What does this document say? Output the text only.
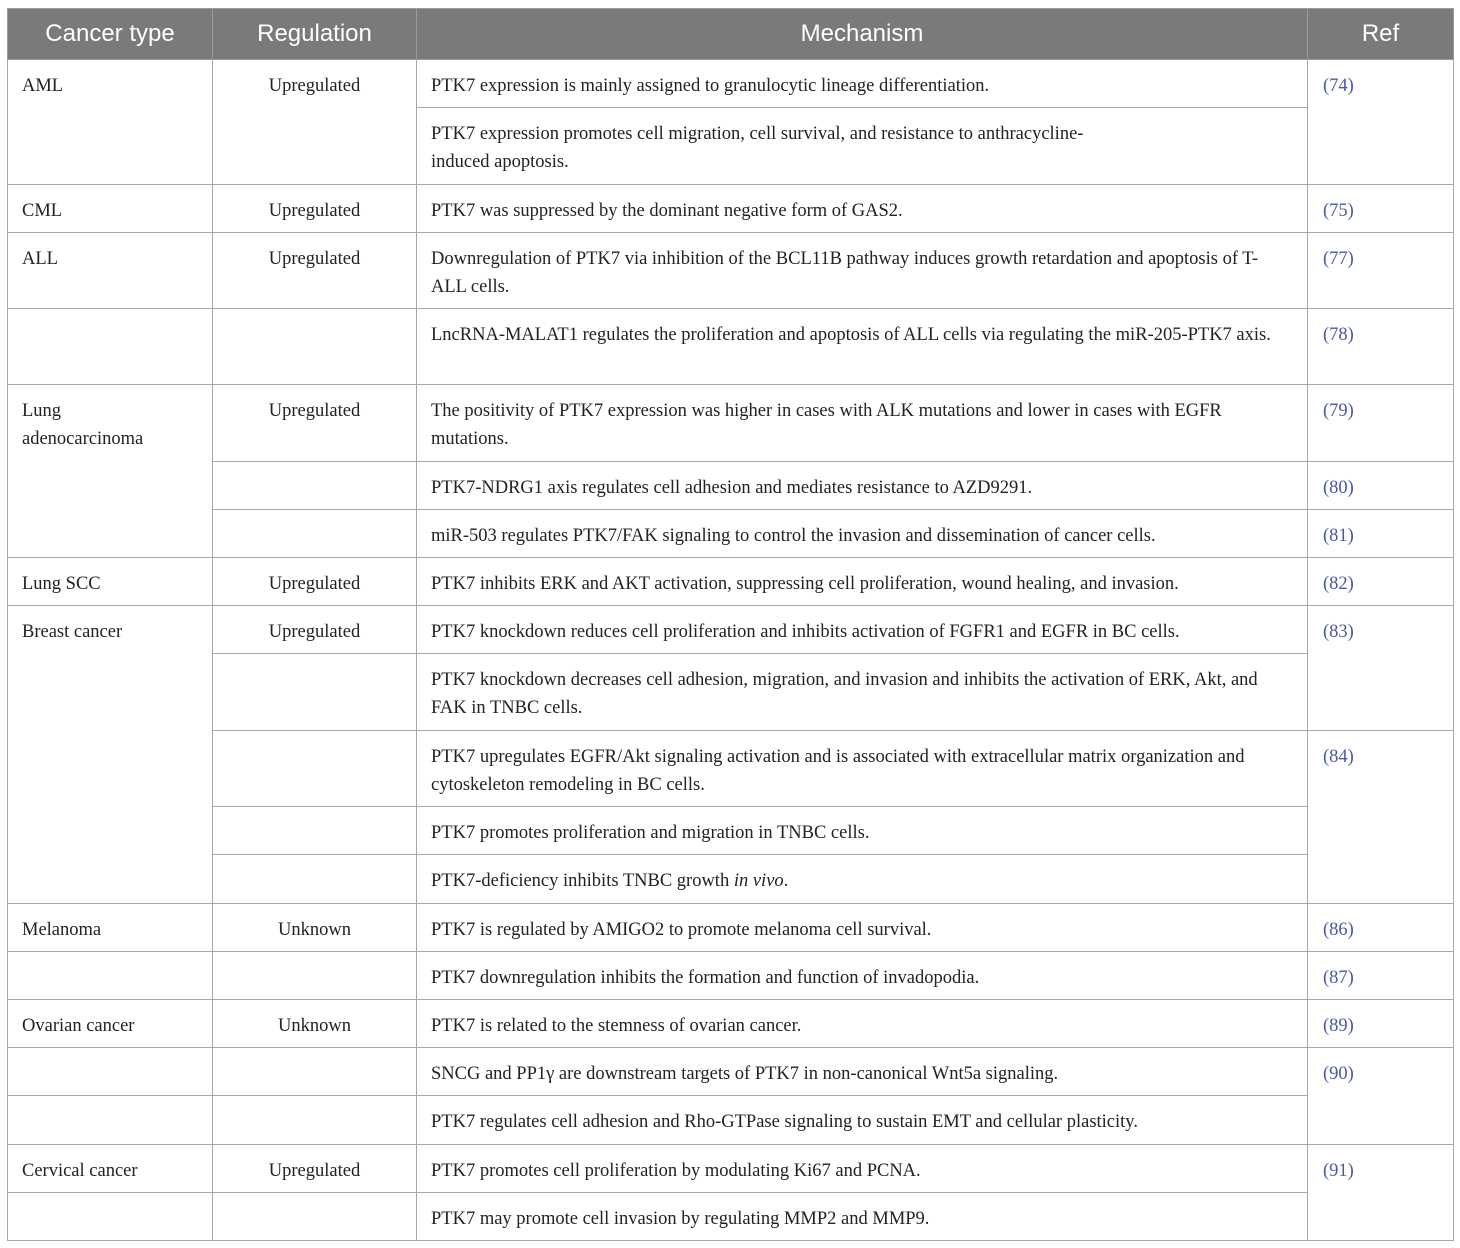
Cancer type	Regulation	Mechanism	Ref
AML	Upregulated	PTK7 expression is mainly assigned to granulocytic lineage differentiation.	(74)
		PTK7 expression promotes cell migration, cell survival, and resistance to anthracycline-
induced apoptosis.	
CML	Upregulated	PTK7 was suppressed by the dominant negative form of GAS2.	(75)
ALL	Upregulated	Downregulation of PTK7 via inhibition of the BCL11B pathway induces growth retardation and apoptosis of T-ALL cells.	(77)
		LncRNA-MALAT1 regulates the proliferation and apoptosis of ALL cells via regulating the miR-205-PTK7 axis.	(78)
Lung
adenocarcinoma	Upregulated	The positivity of PTK7 expression was higher in cases with ALK mutations and lower in cases with EGFR mutations.	(79)
		PTK7-NDRG1 axis regulates cell adhesion and mediates resistance to AZD9291.	(80)
		miR-503 regulates PTK7/FAK signaling to control the invasion and dissemination of cancer cells.	(81)
Lung SCC	Upregulated	PTK7 inhibits ERK and AKT activation, suppressing cell proliferation, wound healing, and invasion.	(82)
Breast cancer	Upregulated	PTK7 knockdown reduces cell proliferation and inhibits activation of FGFR1 and EGFR in BC cells.	(83)
		PTK7 knockdown decreases cell adhesion, migration, and invasion and inhibits the activation of ERK, Akt, and FAK in TNBC cells.	
		PTK7 upregulates EGFR/Akt signaling activation and is associated with extracellular matrix organization and cytoskeleton remodeling in BC cells.	(84)
		PTK7 promotes proliferation and migration in TNBC cells.	
		PTK7-deficiency inhibits TNBC growth in vivo.	
Melanoma	Unknown	PTK7 is regulated by AMIGO2 to promote melanoma cell survival.	(86)
		PTK7 downregulation inhibits the formation and function of invadopodia.	(87)
Ovarian cancer	Unknown	PTK7 is related to the stemness of ovarian cancer.	(89)
		SNCG and PP1γ are downstream targets of PTK7 in non-canonical Wnt5a signaling.	(90)
		PTK7 regulates cell adhesion and Rho-GTPase signaling to sustain EMT and cellular plasticity.	
Cervical cancer	Upregulated	PTK7 promotes cell proliferation by modulating Ki67 and PCNA.	(91)
		PTK7 may promote cell invasion by regulating MMP2 and MMP9.	
